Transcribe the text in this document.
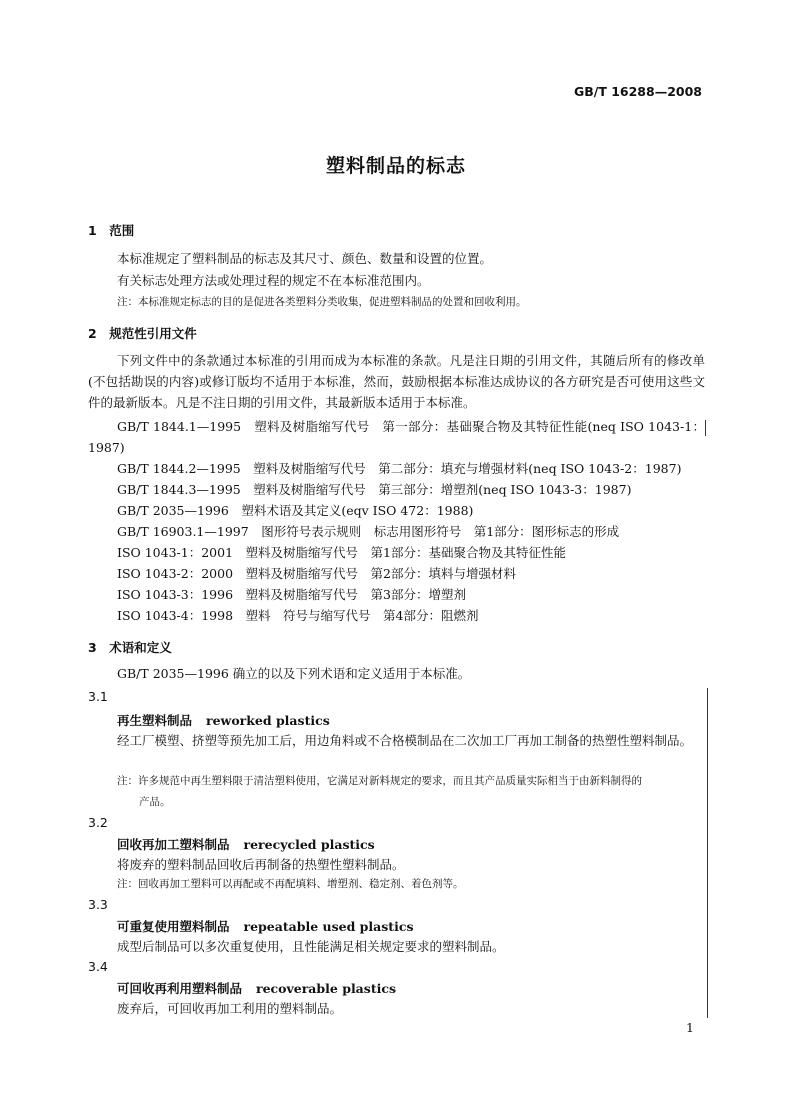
GB/T 16288—2008
塑料制品的标志
1　范围
本标准规定了塑料制品的标志及其尺寸、颜色、数量和设置的位置。
有关标志处理方法或处理过程的规定不在本标准范围内。
注：本标准规定标志的目的是促进各类塑料分类收集，促进塑料制品的处置和回收利用。
2　规范性引用文件
下列文件中的条款通过本标准的引用而成为本标准的条款。凡是注日期的引用文件，其随后所有的修改单(不包括勘误的内容)或修订版均不适用于本标准，然而，鼓励根据本标准达成协议的各方研究是否可使用这些文件的最新版本。凡是不注日期的引用文件，其最新版本适用于本标准。
GB/T 1844.1—1995　塑料及树脂缩写代号　第一部分：基础聚合物及其特征性能(neq ISO 1043-1：1987)
GB/T 1844.2—1995　塑料及树脂缩写代号　第二部分：填充与增强材料(neq ISO 1043-2：1987)
GB/T 1844.3—1995　塑料及树脂缩写代号　第三部分：增塑剂(neq ISO 1043-3：1987)
GB/T 2035—1996　塑料术语及其定义(eqv ISO 472：1988)
GB/T 16903.1—1997　图形符号表示规则　标志用图形符号　第1部分：图形标志的形成
ISO 1043-1：2001　塑料及树脂缩写代号　第1部分：基础聚合物及其特征性能
ISO 1043-2：2000　塑料及树脂缩写代号　第2部分：填料与增强材料
ISO 1043-3：1996　塑料及树脂缩写代号　第3部分：增塑剂
ISO 1043-4：1998　塑料　符号与缩写代号　第4部分：阻燃剂
3　术语和定义
GB/T 2035—1996 确立的以及下列术语和定义适用于本标准。
3.1
再生塑料制品 reworked plastics
经工厂模塑、挤塑等预先加工后，用边角料或不合格模制品在二次加工厂再加工制备的热塑性塑料制品。
注：许多规范中再生塑料限于清洁塑料使用，它满足对新料规定的要求，而且其产品质量实际相当于由新料制得的
产品。
3.2
回收再加工塑料制品 rerecycled plastics
将废弃的塑料制品回收后再制备的热塑性塑料制品。
注：回收再加工塑料可以再配或不再配填料、增塑剂、稳定剂、着色剂等。
3.3
可重复使用塑料制品 repeatable used plastics
成型后制品可以多次重复使用，且性能满足相关规定要求的塑料制品。
3.4
可回收再利用塑料制品 recoverable plastics
废弃后，可回收再加工利用的塑料制品。
1
